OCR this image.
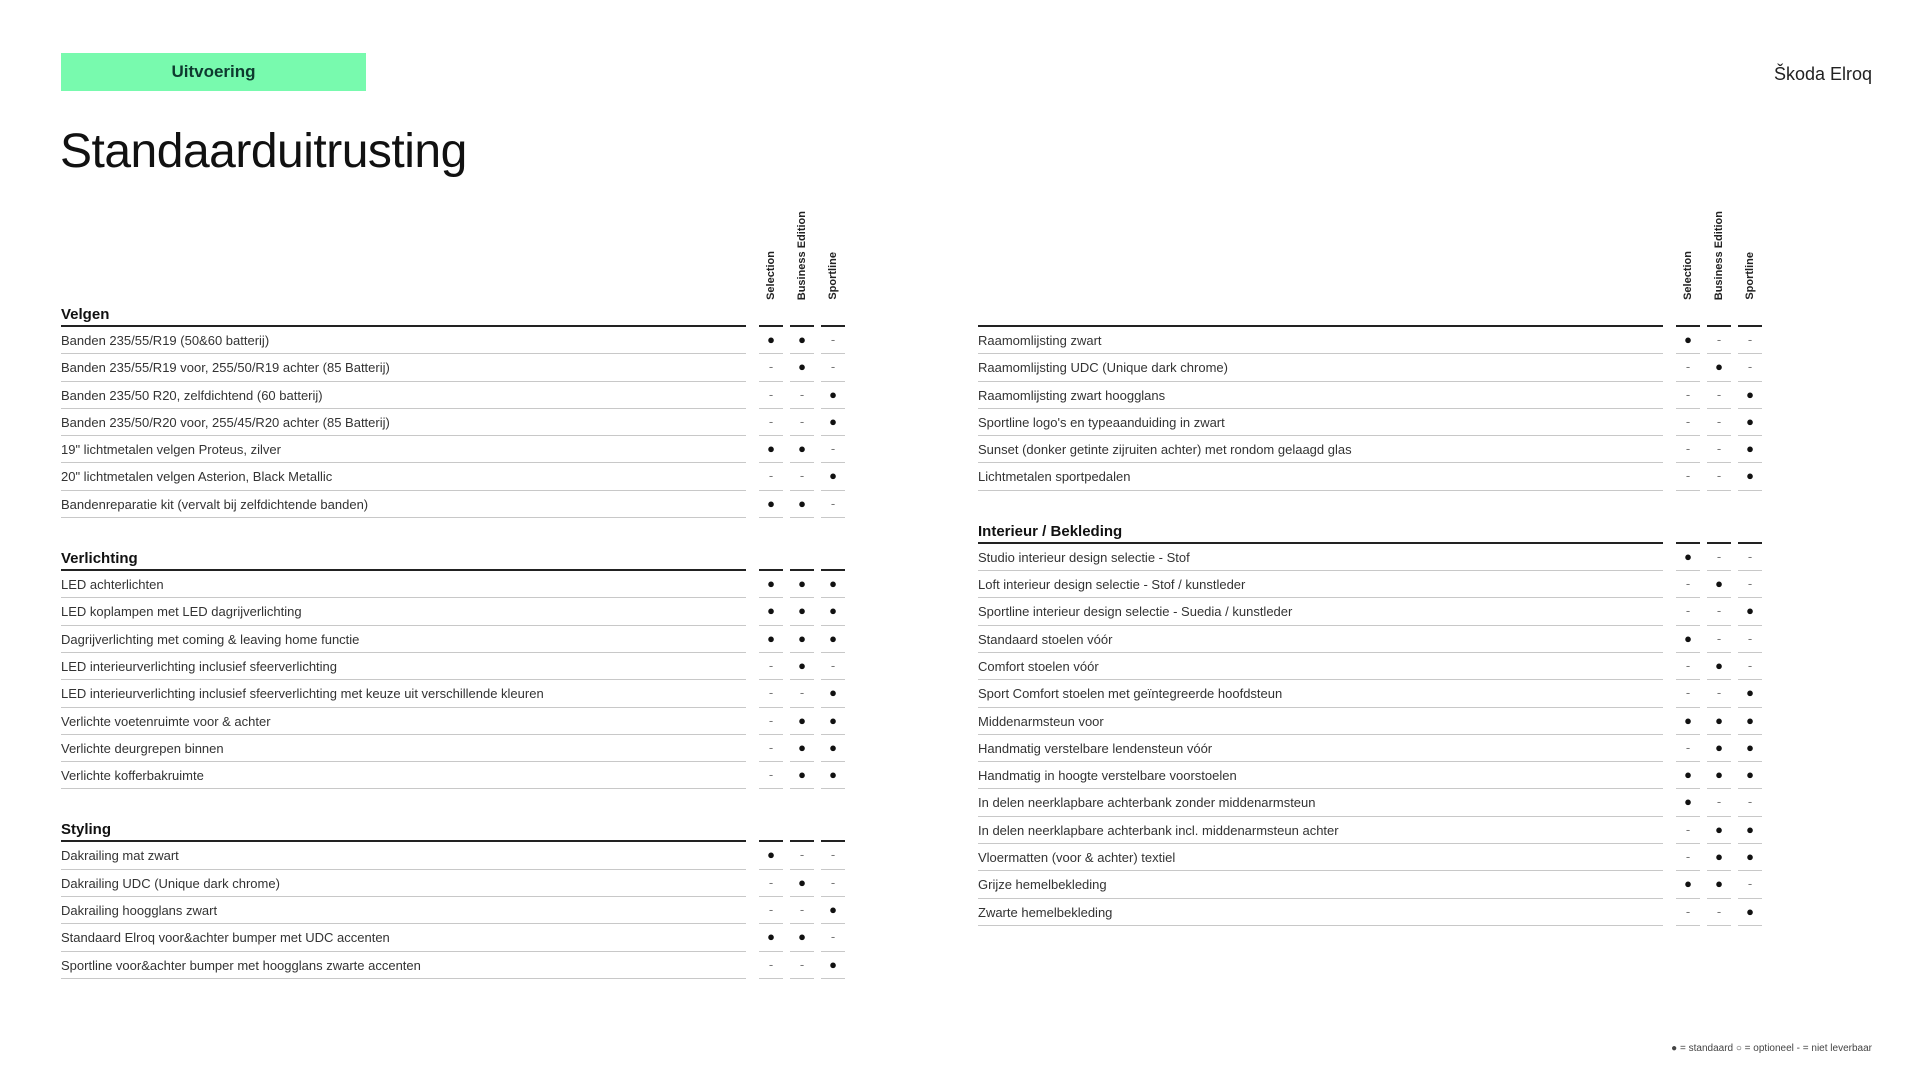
Uitvoering	Škoda Elroq
Standaarduitrusting
Selection Business Edition Sportline
Velgen
Banden 235/55/R19 (50&60 batterij)	●	●	-
Banden 235/55/R19 voor, 255/50/R19 achter (85 Batterij)	-	●	-
Banden 235/50 R20, zelfdichtend (60 batterij)	-	-	●
Banden 235/50/R20 voor, 255/45/R20 achter (85 Batterij)	-	-	●
19" lichtmetalen velgen Proteus, zilver	●	●	-
20" lichtmetalen velgen Asterion, Black Metallic	-	-	●
Bandenreparatie kit (vervalt bij zelfdichtende banden)	●	●	-
Verlichting
LED achterlichten	●	●	●
LED koplampen met LED dagrijverlichting	●	●	●
Dagrijverlichting met coming & leaving home functie	●	●	●
LED interieurverlichting inclusief sfeerverlichting	-	●	-
LED interieurverlichting inclusief sfeerverlichting met keuze uit verschillende kleuren	-	-	●
Verlichte voetenruimte voor & achter	-	●	●
Verlichte deurgrepen binnen	-	●	●
Verlichte kofferbakruimte	-	●	●
Styling
Dakrailing mat zwart	●	-	-
Dakrailing UDC (Unique dark chrome)	-	●	-
Dakrailing hoogglans zwart	-	-	●
Standaard Elroq voor&achter bumper met UDC accenten	●	●	-
Sportline voor&achter bumper met hoogglans zwarte accenten	-	-	●
Selection Business Edition Sportline
Raamomlijsting zwart	●	-	-
Raamomlijsting UDC (Unique dark chrome)	-	●	-
Raamomlijsting zwart hoogglans	-	-	●
Sportline logo's en typeaanduiding in zwart	-	-	●
Sunset (donker getinte zijruiten achter) met rondom gelaagd glas	-	-	●
Lichtmetalen sportpedalen	-	-	●
Interieur / Bekleding
Studio interieur design selectie - Stof	●	-	-
Loft interieur design selectie - Stof / kunstleder	-	●	-
Sportline interieur design selectie - Suedia / kunstleder	-	-	●
Standaard stoelen vóór	●	-	-
Comfort stoelen vóór	-	●	-
Sport Comfort stoelen met geïntegreerde hoofdsteun	-	-	●
Middenarmsteun voor	●	●	●
Handmatig verstelbare lendensteun vóór	-	●	●
Handmatig in hoogte verstelbare voorstoelen	●	●	●
In delen neerklapbare achterbank zonder middenarmsteun	●	-	-
In delen neerklapbare achterbank incl. middenarmsteun achter	-	●	●
Vloermatten (voor & achter) textiel	-	●	●
Grijze hemelbekleding	●	●	-
Zwarte hemelbekleding	-	-	●
● = standaard ○ = optioneel - = niet leverbaar
